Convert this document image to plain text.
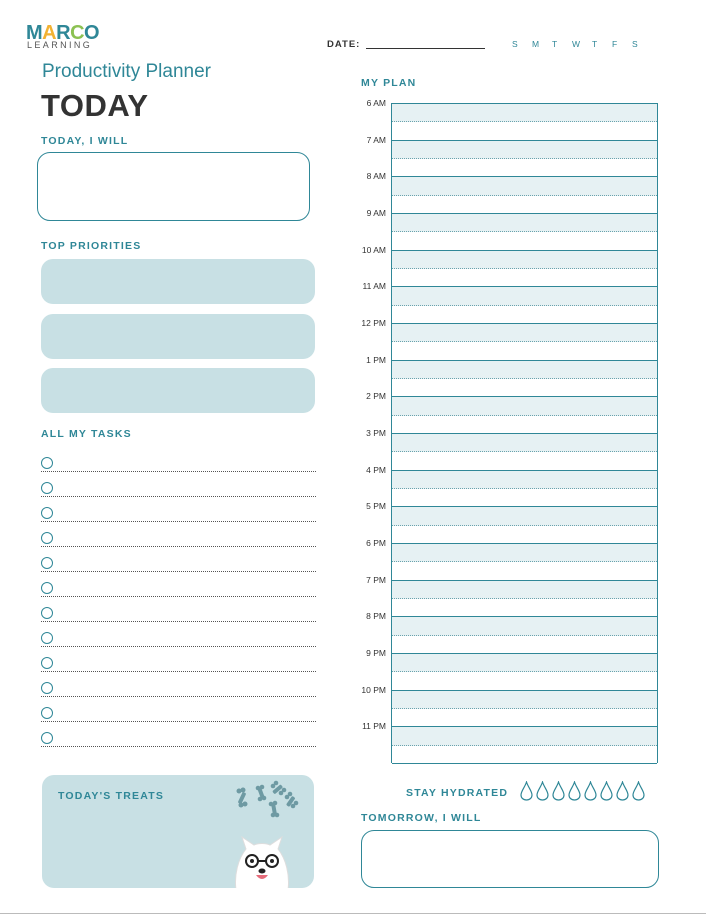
MARCO
LEARNING	DATE:	S	M	T	W	T	F	S
Productivity Planner
TODAY
TODAY, I WILL
TOP PRIORITIES
ALL MY TASKS
TODAY'S TREATS
MY PLAN
6 AM
7 AM
8 AM
9 AM
10 AM
11 AM
12 PM
1 PM
2 PM
3 PM
4 PM
5 PM
6 PM
7 PM
8 PM
9 PM
10 PM
11 PM
STAY HYDRATED
TOMORROW, I WILL
